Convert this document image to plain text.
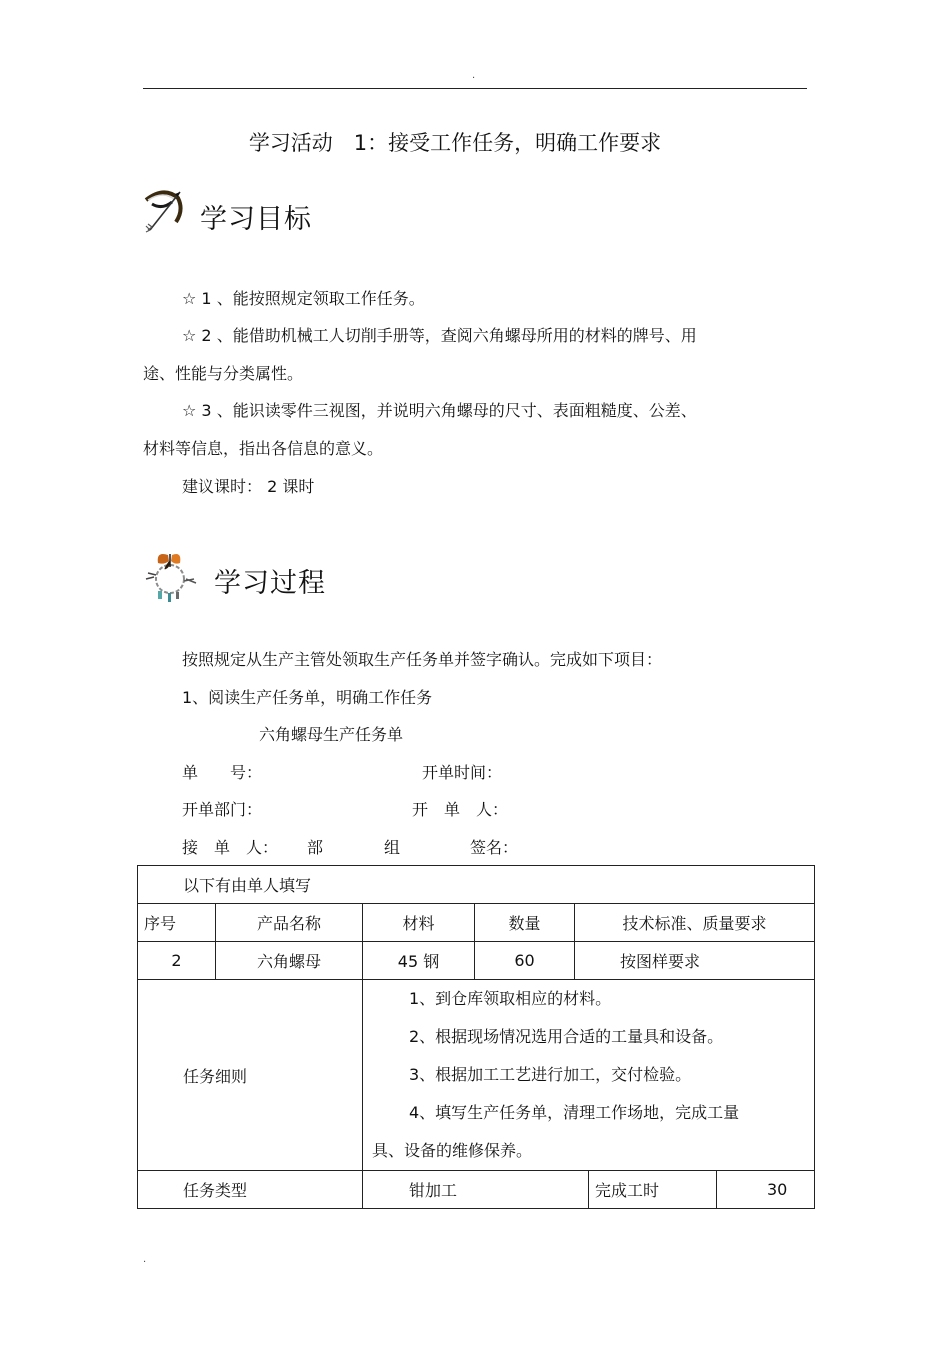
.
学习活动　1：接受工作任务，明确工作要求
学习目标
☆ 1 、能按照规定领取工作任务。
☆ 2 、能借助机械工人切削手册等，查阅六角螺母所用的材料的牌号、用
途、性能与分类属性。
☆ 3 、能识读零件三视图，并说明六角螺母的尺寸、表面粗糙度、公差、
材料等信息，指出各信息的意义。
建议课时： 2 课时
学习过程
按照规定从生产主管处领取生产任务单并签字确认。完成如下项目：
1、阅读生产任务单，明确工作任务
六角螺母生产任务单
单　　号：	开单时间：
开单部门：	开　单　人：
接　单　人： 部	组	签名：
以下有由单人填写						
序号	产品名称	材料	数量	技术标准、质量要求		
2	六角螺母	45 钢	60	按图样要求		
任务细则		1、到仓库领取相应的材料。

2、根据现场情况选用合适的工量具和设备。

3、根据加工工艺进行加工，交付检验。

4、填写生产任务单，清理工作场地，完成工量

具、设备的维修保养。				

任务类型		钳加工			完成工时	30
.
